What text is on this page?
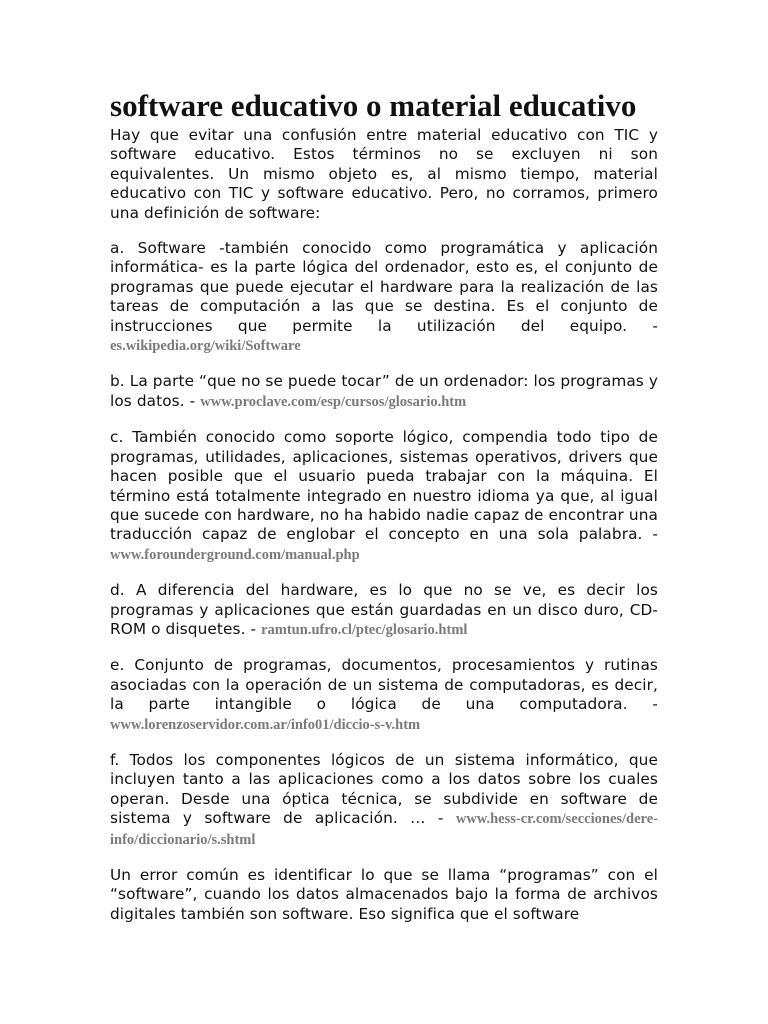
software educativo o material educativo

Hay que evitar una confusión entre material educativo con TIC y software educativo. Estos términos no se excluyen ni son equivalentes. Un mismo objeto es, al mismo tiempo, material educativo con TIC y software educativo. Pero, no corramos, primero una definición de software:

a. Software -también conocido como programática y aplicación informática- es la parte lógica del ordenador, esto es, el conjunto de programas que puede ejecutar el hardware para la realización de las tareas de computación a las que se destina. Es el conjunto de instrucciones que permite la utilización del equipo. - es.wikipedia.org/wiki/Software

b. La parte “que no se puede tocar” de un ordenador: los programas y los datos. - www.proclave.com/esp/cursos/glosario.htm

c. También conocido como soporte lógico, compendia todo tipo de programas, utilidades, aplicaciones, sistemas operativos, drivers que hacen posible que el usuario pueda trabajar con la máquina. El término está totalmente integrado en nuestro idioma ya que, al igual que sucede con hardware, no ha habido nadie capaz de encontrar una traducción capaz de englobar el concepto en una sola palabra. - www.forounderground.com/manual.php

d. A diferencia del hardware, es lo que no se ve, es decir los programas y aplicaciones que están guardadas en un disco duro, CD-ROM o disquetes. - ramtun.ufro.cl/ptec/glosario.html

e. Conjunto de programas, documentos, procesamientos y rutinas asociadas con la operación de un sistema de computadoras, es decir, la parte intangible o lógica de una computadora. - www.lorenzoservidor.com.ar/info01/diccio-s-v.htm

f. Todos los componentes lógicos de un sistema informático, que incluyen tanto a las aplicaciones como a los datos sobre los cuales operan. Desde una óptica técnica, se subdivide en software de sistema y software de aplicación. … - www.hess-cr.com/secciones/dere-info/diccionario/s.shtml

Un error común es identificar lo que se llama “programas” con el “software”, cuando los datos almacenados bajo la forma de archivos digitales también son software. Eso significa que el software
